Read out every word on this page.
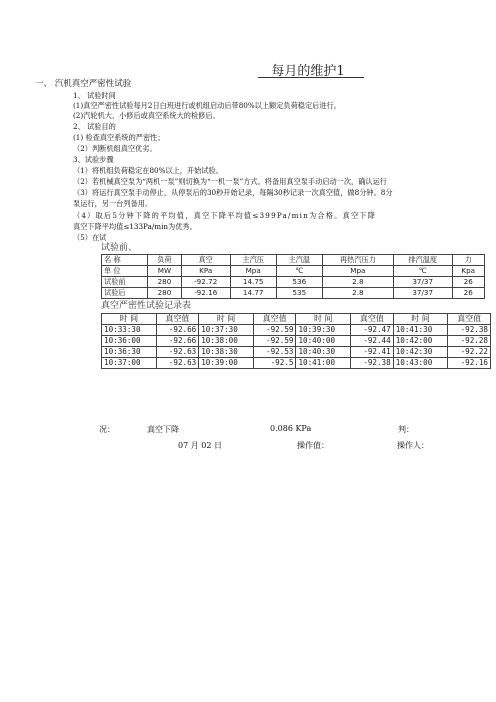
每月的维护1
一、 汽机真空严密性试验
1、 试验时间
(1)真空严密性试验每月2日白班进行或机组启动后带80%以上额定负荷稳定后进行。
(2)汽轮机大、小修后或真空系统大的检修后。
2、 试验目的
(1) 检查真空系统的严密性；
（2）判断机组真空优劣。
3、试验步骤
（1）将机组负荷稳定在80%以上，开始试验。
（2）若机械真空泵为“两机一泵”则切换为“一机一泵”方式。将备用真空泵手动启动一次，确认运行
（3）将运行真空泵手动停止，从停泵后的30秒开始记录，每隔30秒记录一次真空值，做8分钟。8分
泵运行，另一台列备用。
（4）取后5分钟下降的平均值，真空下降平均值≤399Pa/min为合格。真空下降
真空下降平均值≤133Pa/min为优秀。
（5）在试
试验前、
名 称	负荷	真空	主汽压	主汽温	再热汽压力	排汽温度	力
单 位	MW	KPa	Mpa	℃	Mpa	℃	Kpa
试验前	280	-92.72	14.75	536	2.8	37/37	26
试验后	280	-92.16	14.77	535	2.8	37/37	26
真空严密性试验记录表
时 间	真空值	时 间	真空值	时 间	真空值	时 间	真空值
10:33:30	-92.66	10:37:30	-92.59	10:39:30	-92.47	10:41:30	-92.38
10:36:00	-92.66	10:38:00	-92.59	10:40:00	-92.44	10:42:00	-92.28
10:36:30	-92.63	10:38:30	-92.53	10:40:30	-92.41	10:42:30	-92.22
10:37:00	-92.63	10:39:00	-92.5	10:41:00	-92.38	10:43:00	-92.16
况：	真空下降	0.086 KPa	判：
07 月 02 日	操作值：	操作人：
